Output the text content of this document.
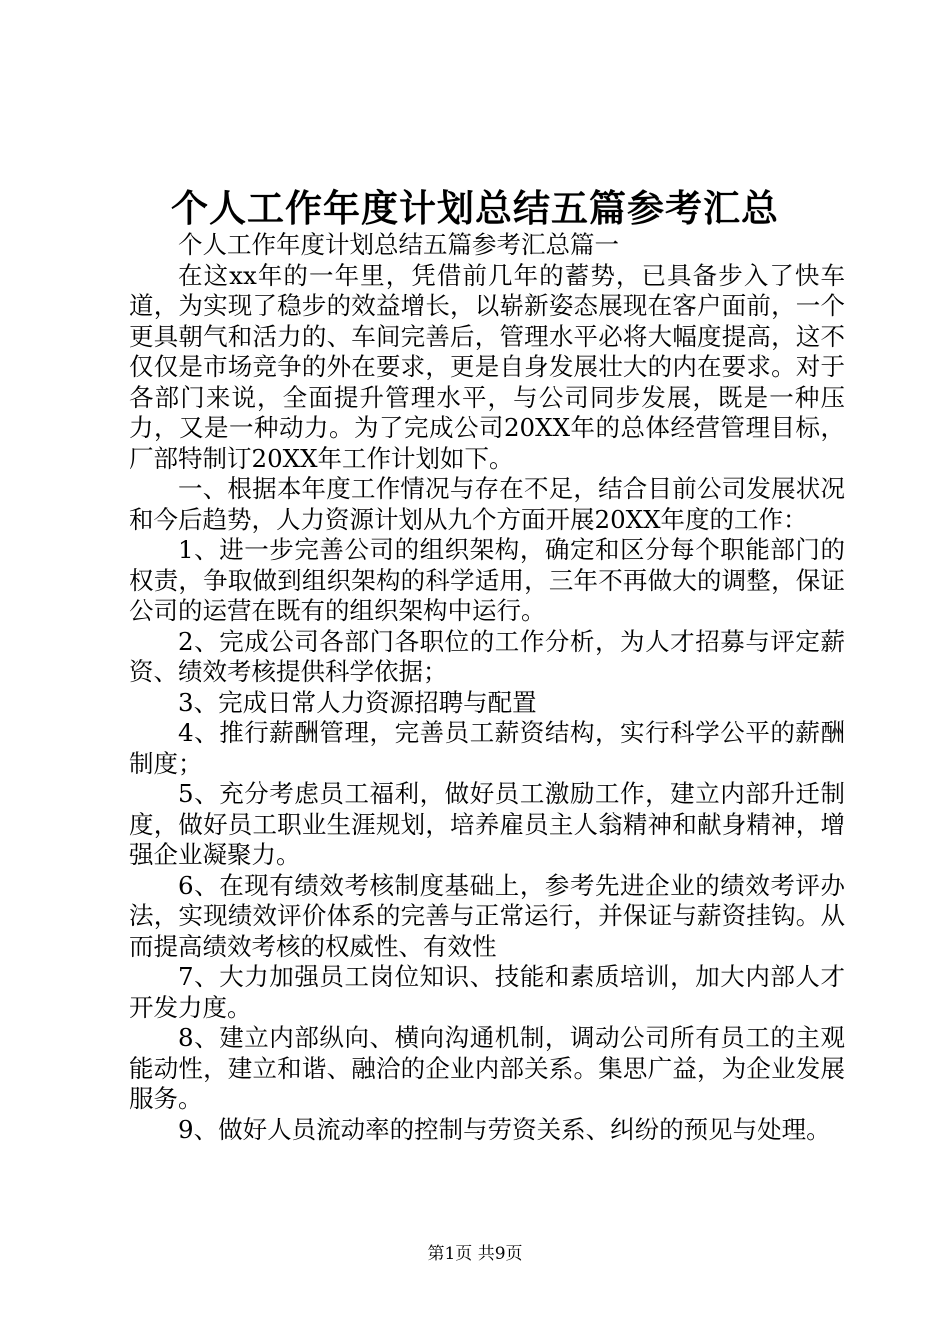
个人工作年度计划总结五篇参考汇总

个人工作年度计划总结五篇参考汇总篇一

在这xx年的一年里，凭借前几年的蓄势，已具备步入了快车道，为实现了稳步的效益增长，以崭新姿态展现在客户面前，一个更具朝气和活力的、车间完善后，管理水平必将大幅度提高，这不仅仅是市场竞争的外在要求，更是自身发展壮大的内在要求。对于各部门来说，全面提升管理水平，与公司同步发展，既是一种压力，又是一种动力。为了完成公司20XX年的总体经营管理目标，厂部特制订20XX年工作计划如下。

一、根据本年度工作情况与存在不足，结合目前公司发展状况和今后趋势，人力资源计划从九个方面开展20XX年度的工作：

1、进一步完善公司的组织架构，确定和区分每个职能部门的权责，争取做到组织架构的科学适用，三年不再做大的调整，保证公司的运营在既有的组织架构中运行。

2、完成公司各部门各职位的工作分析，为人才招募与评定薪资、绩效考核提供科学依据；

3、完成日常人力资源招聘与配置

4、推行薪酬管理，完善员工薪资结构，实行科学公平的薪酬制度；

5、充分考虑员工福利，做好员工激励工作，建立内部升迁制度，做好员工职业生涯规划，培养雇员主人翁精神和献身精神，增强企业凝聚力。

6、在现有绩效考核制度基础上，参考先进企业的绩效考评办法，实现绩效评价体系的完善与正常运行，并保证与薪资挂钩。从而提高绩效考核的权威性、有效性

7、大力加强员工岗位知识、技能和素质培训，加大内部人才开发力度。

8、建立内部纵向、横向沟通机制，调动公司所有员工的主观能动性，建立和谐、融洽的企业内部关系。集思广益，为企业发展服务。

9、做好人员流动率的控制与劳资关系、纠纷的预见与处理。

第1页 共9页
